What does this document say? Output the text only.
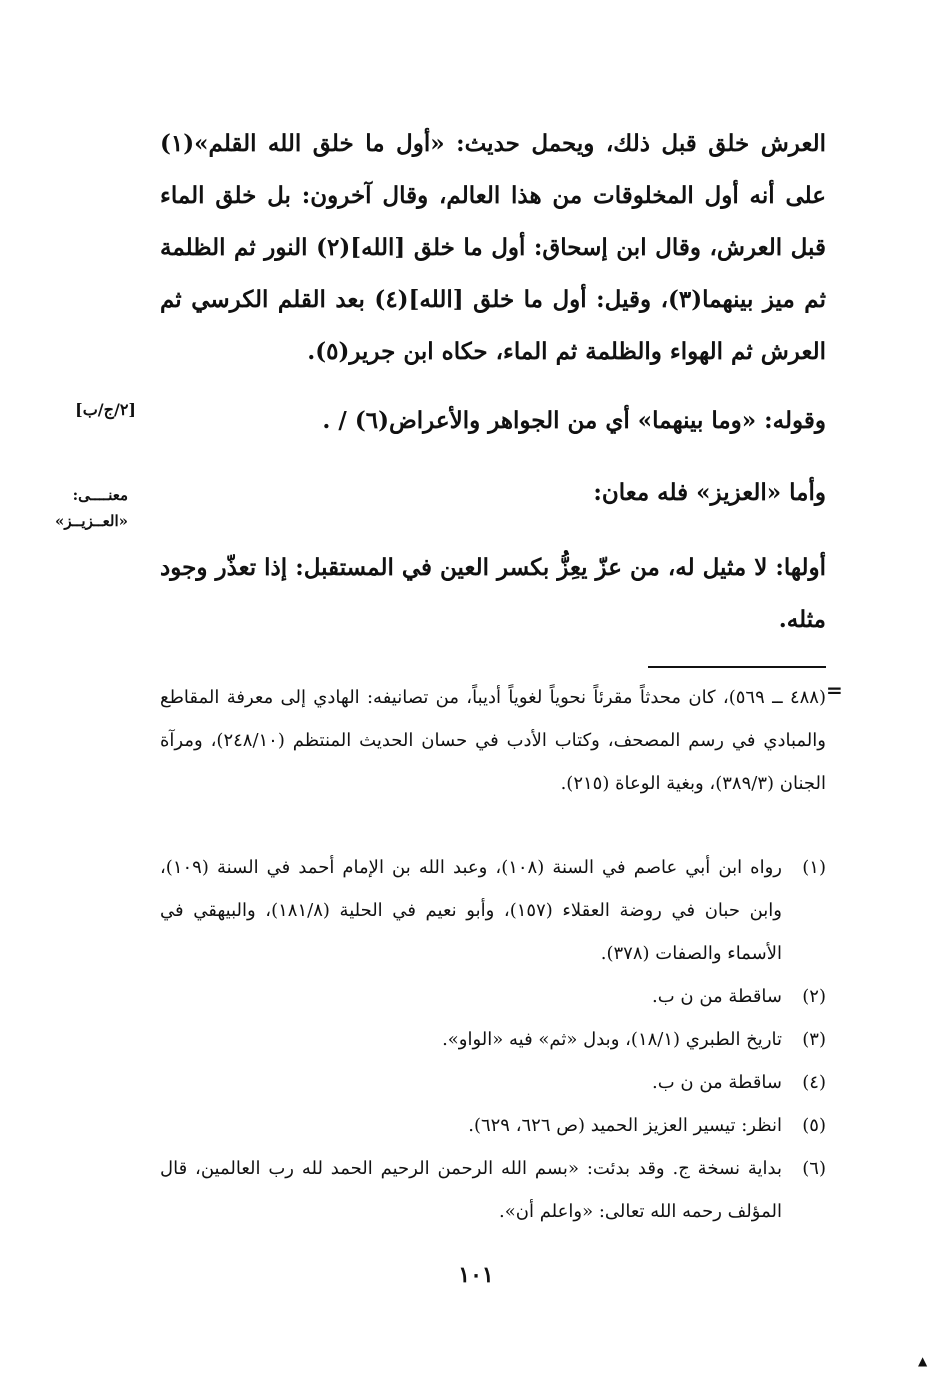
العرش خلق قبل ذلك، ويحمل حديث: «أول ما خلق الله القلم»(١) على أنه أول المخلوقات من هذا العالم، وقال آخرون: بل خلق الماء قبل العرش، وقال ابن إسحاق: أول ما خلق [الله](٢) النور ثم الظلمة ثم ميز بينهما(٣)، وقيل: أول ما خلق [الله](٤) بعد القلم الكرسي ثم العرش ثم الهواء والظلمة ثم الماء، حكاه ابن جرير(٥).
وقوله: «وما بينهما» أي من الجواهر والأعراض(٦) / .
[٢/ج/ب]
وأما «العزيز» فله معان:
معنــــى:
«العــزيــز»
أولها: لا مثيل له، من عزّ يعِزُّ بكسر العين في المستقبل: إذا تعذّر وجود مثله.
=
(٤٨٨ ــ ٥٦٩)، كان محدثاً مقرئاً نحوياً لغوياً أديباً، من تصانيفه: الهادي إلى معرفة المقاطع والمبادي في رسم المصحف، وكتاب الأدب في حسان الحديث المنتظم (٢٤٨/١٠)، ومرآة الجنان (٣٨٩/٣)، وبغية الوعاة (٢١٥).
(١)
رواه ابن أبي عاصم في السنة (١٠٨)، وعبد الله بن الإمام أحمد في السنة (١٠٩)، وابن حبان في روضة العقلاء (١٥٧)، وأبو نعيم في الحلية (١٨١/٨)، والبيهقي في الأسماء والصفات (٣٧٨).
(٢)
ساقطة من ن ب.
(٣)
تاريخ الطبري (١٨/١)، وبدل «ثم» فيه «الواو».
(٤)
ساقطة من ن ب.
(٥)
انظر: تيسير العزيز الحميد (ص ٦٢٦، ٦٢٩).
(٦)
بداية نسخة ج. وقد بدئت: «بسم الله الرحمن الرحيم الحمد لله رب العالمين، قال المؤلف رحمه الله تعالى: «واعلم أن».
١٠١
▲
